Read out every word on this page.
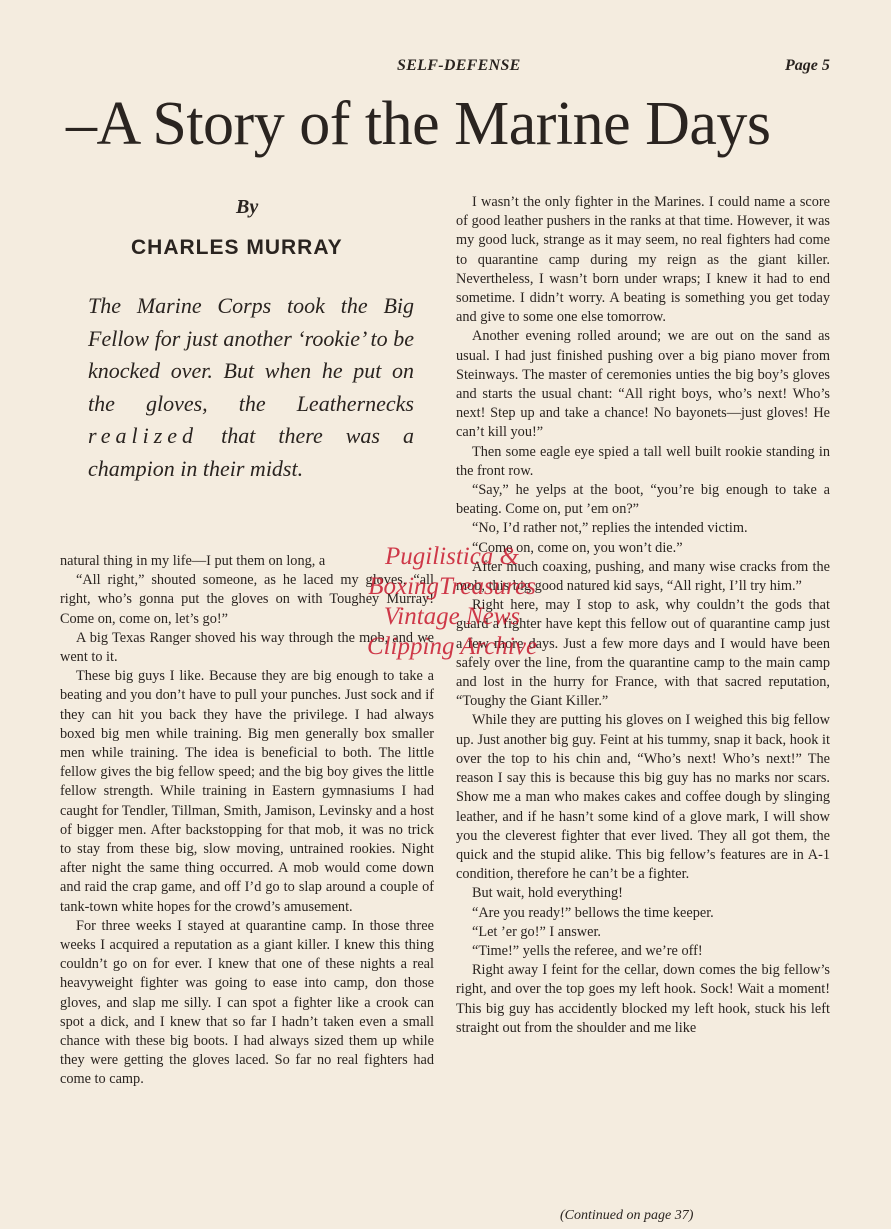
SELF-DEFENSE	Page 5
–A Story of the Marine Days
By
CHARLES MURRAY
The Marine Corps took the Big Fellow for just another ‘rookie’ to be knocked over. But when he put on the gloves, the Leathernecks realized that there was a champion in their midst.

natural thing in my life—I put them on long, a

“All right,” shouted someone, as he laced my gloves, “all right, who’s gonna put the gloves on with Toughey Murray! Come on, come on, let’s go!”

A big Texas Ranger shoved his way through the mob, and we went to it.

These big guys I like. Because they are big enough to take a beating and you don’t have to pull your punches. Just sock and if they can hit you back they have the privilege. I had always boxed big men while training. Big men generally box smaller men while training. The idea is beneficial to both. The little fellow gives the big fellow speed; and the big boy gives the little fellow strength. While training in Eastern gymnasiums I had caught for Tendler, Tillman, Smith, Jamison, Levinsky and a host of bigger men. After backstopping for that mob, it was no trick to stay from these big, slow moving, untrained rookies. Night after night the same thing occurred. A mob would come down and raid the crap game, and off I’d go to slap around a couple of tank-town white hopes for the crowd’s amusement.

For three weeks I stayed at quarantine camp. In those three weeks I acquired a reputation as a giant killer. I knew this thing couldn’t go on for ever. I knew that one of these nights a real heavyweight fighter was going to ease into camp, don those gloves, and slap me silly. I can spot a fighter like a crook can spot a dick, and I knew that so far I hadn’t taken even a small chance with these big boots. I had always sized them up while they were getting the gloves laced. So far no real fighters had come to camp.

I wasn’t the only fighter in the Marines. I could name a score of good leather pushers in the ranks at that time. However, it was my good luck, strange as it may seem, no real fighters had come to quarantine camp during my reign as the giant killer. Nevertheless, I wasn’t born under wraps; I knew it had to end sometime. I didn’t worry. A beating is something you get today and give to some one else tomorrow.

Another evening rolled around; we are out on the sand as usual. I had just finished pushing over a big piano mover from Steinways. The master of ceremonies unties the big boy’s gloves and starts the usual chant: “All right boys, who’s next! Who’s next! Step up and take a chance! No bayonets—just gloves! He can’t kill you!”

Then some eagle eye spied a tall well built rookie standing in the front row.

“Say,” he yelps at the boot, “you’re big enough to take a beating. Come on, put ’em on?”

“No, I’d rather not,” replies the intended victim.

“Come on, come on, you won’t die.”

After much coaxing, pushing, and many wise cracks from the mob, this big good natured kid says, “All right, I’ll try him.”

Right here, may I stop to ask, why couldn’t the gods that guard a fighter have kept this fellow out of quarantine camp just a few more days. Just a few more days and I would have been safely over the line, from the quarantine camp to the main camp and lost in the hurry for France, with that sacred reputation, “Toughy the Giant Killer.”

While they are putting his gloves on I weighed this big fellow up. Just another big guy. Feint at his tummy, snap it back, hook it over the top to his chin and, “Who’s next! Who’s next!” The reason I say this is because this big guy has no marks nor scars. Show me a man who makes cakes and coffee dough by slinging leather, and if he hasn’t some kind of a glove mark, I will show you the cleverest fighter that ever lived. They all got them, the quick and the stupid alike. This big fellow’s features are in A-1 condition, therefore he can’t be a fighter.

But wait, hold everything!

“Are you ready!” bellows the time keeper.

“Let ’er go!” I answer.

“Time!” yells the referee, and we’re off!

Right away I feint for the cellar, down comes the big fellow’s right, and over the top goes my left hook. Sock! Wait a moment! This big guy has accidently blocked my left hook, stuck his left straight out from the shoulder and me like

(Continued on page 37)
Pugilistica &
BoxingTreasures
Vintage News
Clipping Archive
